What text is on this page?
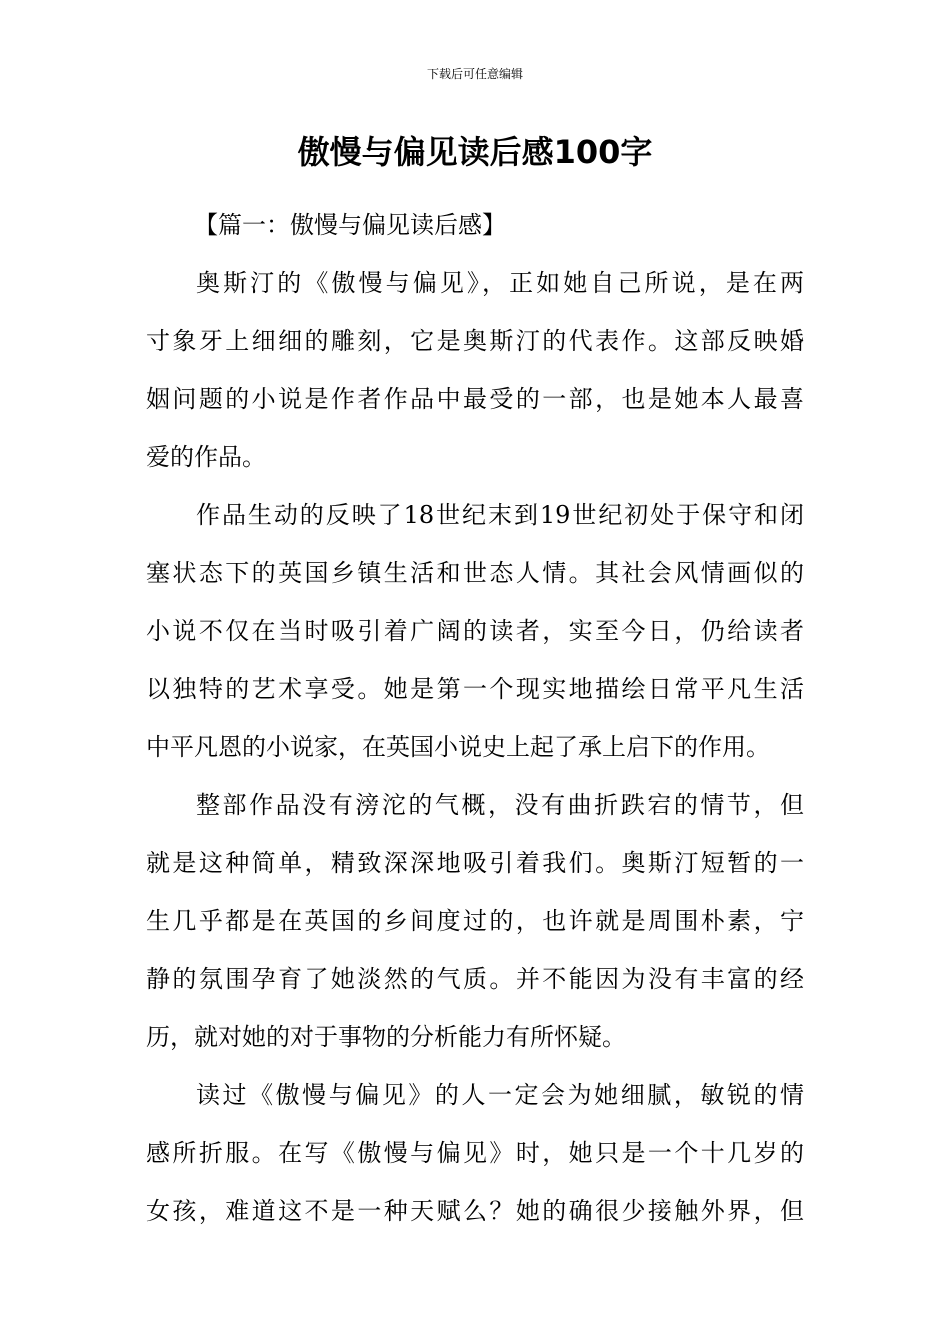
下载后可任意编辑
傲慢与偏见读后感100字
【篇一：傲慢与偏见读后感】
奥斯汀的《傲慢与偏见》，正如她自己所说，是在两
寸象牙上细细的雕刻，它是奥斯汀的代表作。这部反映婚
姻问题的小说是作者作品中最受的一部，也是她本人最喜
爱的作品。
作品生动的反映了18世纪末到19世纪初处于保守和闭
塞状态下的英国乡镇生活和世态人情。其社会风情画似的
小说不仅在当时吸引着广阔的读者，实至今日，仍给读者
以独特的艺术享受。她是第一个现实地描绘日常平凡生活
中平凡恩的小说家，在英国小说史上起了承上启下的作用。
整部作品没有滂沱的气概，没有曲折跌宕的情节，但
就是这种简单，精致深深地吸引着我们。奥斯汀短暂的一
生几乎都是在英国的乡间度过的，也许就是周围朴素，宁
静的氛围孕育了她淡然的气质。并不能因为没有丰富的经
历，就对她的对于事物的分析能力有所怀疑。
读过《傲慢与偏见》的人一定会为她细腻，敏锐的情
感所折服。在写《傲慢与偏见》时，她只是一个十几岁的
女孩，难道这不是一种天赋么？她的确很少接触外界，但
